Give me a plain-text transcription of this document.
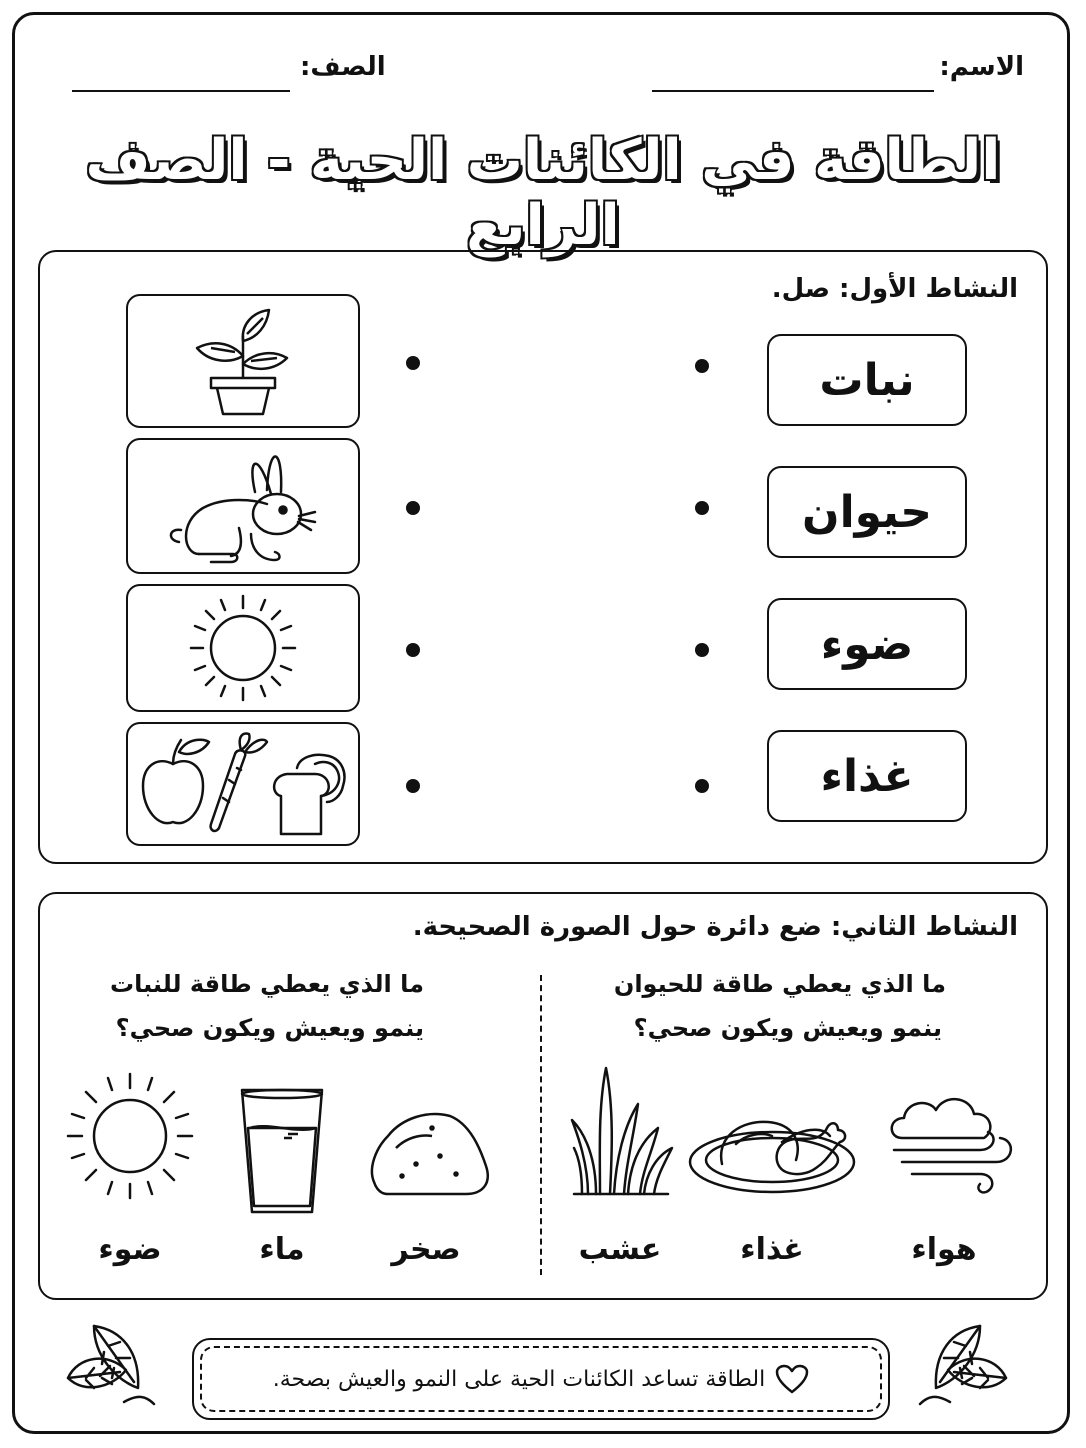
الاسم:
الصف:
الطاقة في الكائنات الحية - الصف الرابع
النشاط الأول: صل.
نبات
حيوان
ضوء
غذاء
النشاط الثاني: ضع دائرة حول الصورة الصحيحة.
ما الذي يعطي طاقة للحيوان
ينمو ويعيش ويكون صحي؟
ما الذي يعطي طاقة للنبات
ينمو ويعيش ويكون صحي؟
هواء
غذاء
عشب
صخر
ماء
ضوء
الطاقة تساعد الكائنات الحية على النمو والعيش بصحة.
